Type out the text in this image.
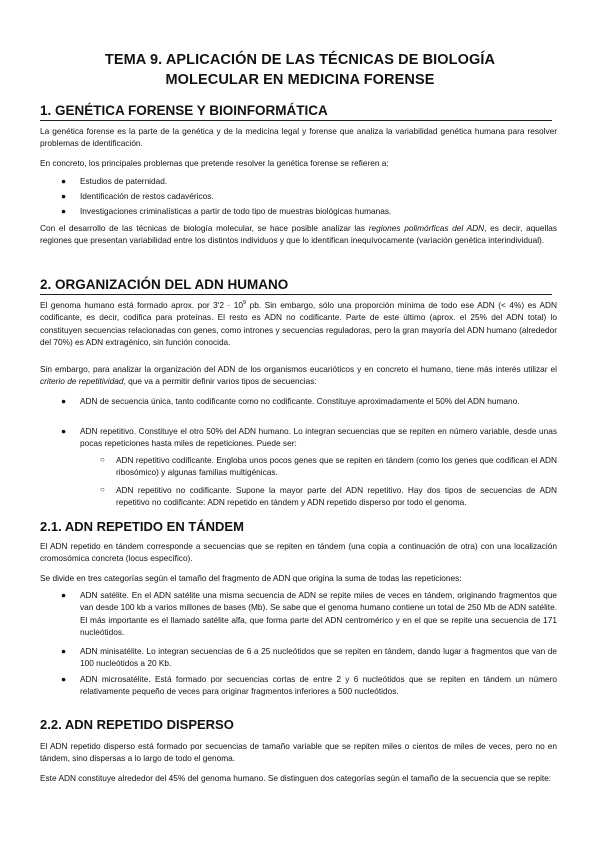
TEMA 9. APLICACIÓN DE LAS TÉCNICAS DE BIOLOGÍA
MOLECULAR EN MEDICINA FORENSE
1. GENÉTICA FORENSE Y BIOINFORMÁTICA
La genética forense es la parte de la genética y de la medicina legal y forense que analiza la variabilidad genética humana para resolver problemas de identificación.
En concreto, los principales problemas que pretende resolver la genética forense se refieren a:
● Estudios de paternidad.
● Identificación de restos cadavéricos.
● Investigaciones criminalísticas a partir de todo tipo de muestras biológicas humanas.
Con el desarrollo de las técnicas de biología molecular, se hace posible analizar las regiones polimórficas del ADN, es decir, aquellas regiones que presentan variabilidad entre los distintos individuos y que lo identifican inequívocamente (variación genética interindividual).
2. ORGANIZACIÓN DEL ADN HUMANO
El genoma humano está formado aprox. por $3'2 \cdot 10^9$ pb. Sin embargo, sólo una proporción mínima de todo ese ADN (< 4%) es ADN codificante, es decir, codifica para proteínas. El resto es ADN no codificante. Parte de este último (aprox. el 25% del ADN total) lo constituyen secuencias relacionadas con genes, como intrones y secuencias reguladoras, pero la gran mayoría del ADN humano (alrededor del 70%) es ADN extragénico, sin función conocida.
Sin embargo, para analizar la organización del ADN de los organismos eucarióticos y en concreto el humano, tiene más interés utilizar el criterio de repetitividad, que va a permitir definir varios tipos de secuencias:
● ADN de secuencia única, tanto codificante como no codificante. Constituye aproximadamente el 50% del ADN humano.
● ADN repetitivo. Constituye el otro 50% del ADN humano. Lo integran secuencias que se repiten en número variable, desde unas pocas repeticiones hasta miles de repeticiones. Puede ser:
○ ADN repetitivo codificante. Engloba unos pocos genes que se repiten en tándem (como los genes que codifican el ADN ribosómico) y algunas familias multigénicas.
○ ADN repetitivo no codificante. Supone la mayor parte del ADN repetitivo. Hay dos tipos de secuencias de ADN repetitivo no codificante: ADN repetido en tándem y ADN repetido disperso por todo el genoma.
2.1. ADN REPETIDO EN TÁNDEM
El ADN repetido en tándem corresponde a secuencias que se repiten en tándem (una copia a continuación de otra) con una localización cromosómica concreta (locus específico).
Se divide en tres categorías según el tamaño del fragmento de ADN que origina la suma de todas las repeticiones:
● ADN satélite. En el ADN satélite una misma secuencia de ADN se repite miles de veces en tándem, originando fragmentos que van desde 100 kb a varios millones de bases (Mb). Se sabe que el genoma humano contiene un total de 250 Mb de ADN satélite. El más importante es el llamado satélite alfa, que forma parte del ADN centromérico y en el que se repite una secuencia de 171 nucleótidos.
● ADN minisatélite. Lo integran secuencias de 6 a 25 nucleótidos que se repiten en tándem, dando lugar a fragmentos que van de 100 nucleótidos a 20 Kb.
● ADN microsatélite. Está formado por secuencias cortas de entre 2 y 6 nucleótidos que se repiten en tándem un número relativamente pequeño de veces para originar fragmentos inferiores a 500 nucleótidos.
2.2. ADN REPETIDO DISPERSO
El ADN repetido disperso está formado por secuencias de tamaño variable que se repiten miles o cientos de miles de veces, pero no en tándem, sino dispersas a lo largo de todo el genoma.
Este ADN constituye alrededor del 45% del genoma humano. Se distinguen dos categorías según el tamaño de la secuencia que se repite:
